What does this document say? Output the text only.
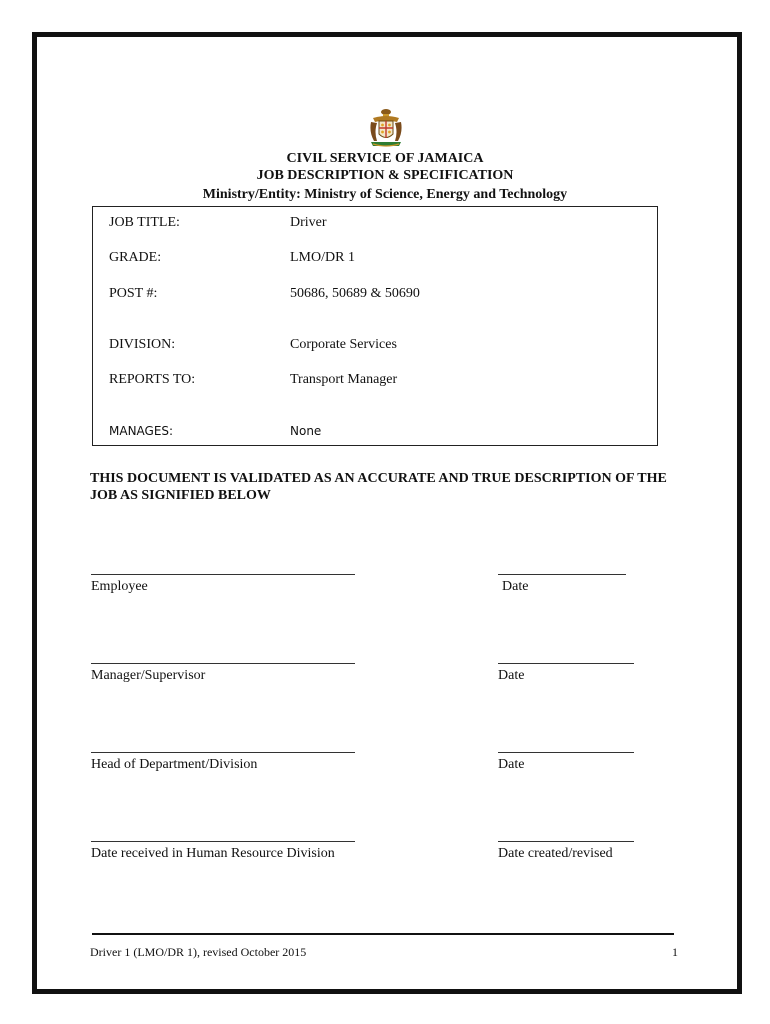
CIVIL SERVICE OF JAMAICA
JOB DESCRIPTION & SPECIFICATION
Ministry/Entity: Ministry of Science, Energy and Technology
JOB TITLE:	Driver
GRADE:	LMO/DR 1
POST #:	50686, 50689 & 50690
DIVISION:	Corporate Services
REPORTS TO:	Transport Manager
MANAGES:	None
THIS DOCUMENT IS VALIDATED AS AN ACCURATE AND TRUE DESCRIPTION OF THE JOB AS SIGNIFIED BELOW
Employee	Date
Manager/Supervisor	Date
Head of Department/Division	Date
Date received in Human Resource Division	Date created/revised
Driver 1 (LMO/DR 1), revised October 2015	1
